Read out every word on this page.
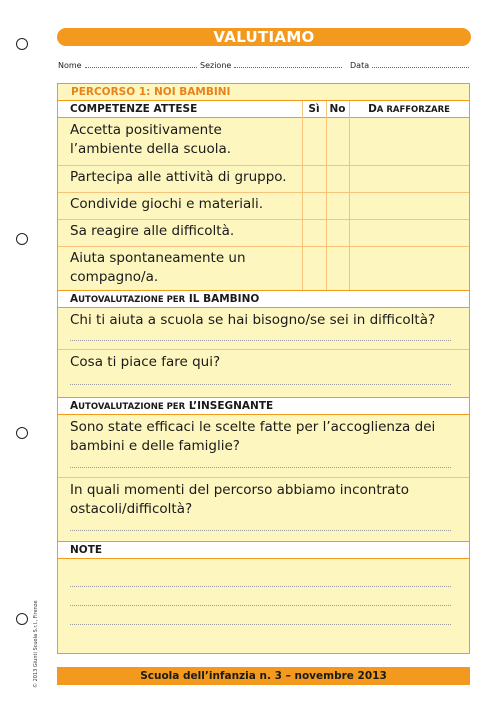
VALUTIAMO
Nome	Sezione	Data
PERCORSO 1: NOI BAMBINI
COMPETENZE ATTESE	Sì No	DA RAFFORZARE
Accetta positivamente l’ambiente della scuola.
Partecipa alle attività di gruppo.
Condivide giochi e materiali.
Sa reagire alle difficoltà.
Aiuta spontaneamente un compagno/a.
AUTOVALUTAZIONE PER IL BAMBINO
Chi ti aiuta a scuola se hai bisogno/se sei in difficoltà?
Cosa ti piace fare qui?
AUTOVALUTAZIONE PER L’INSEGNANTE
Sono state efficaci le scelte fatte per l’accoglienza dei bambini e delle famiglie?
In quali momenti del percorso abbiamo incontrato ostacoli/difficoltà?
NOTE
Scuola dell’infanzia n. 3 – novembre 2013
© 2013 Giunti Scuola S.r.l., Firenze
